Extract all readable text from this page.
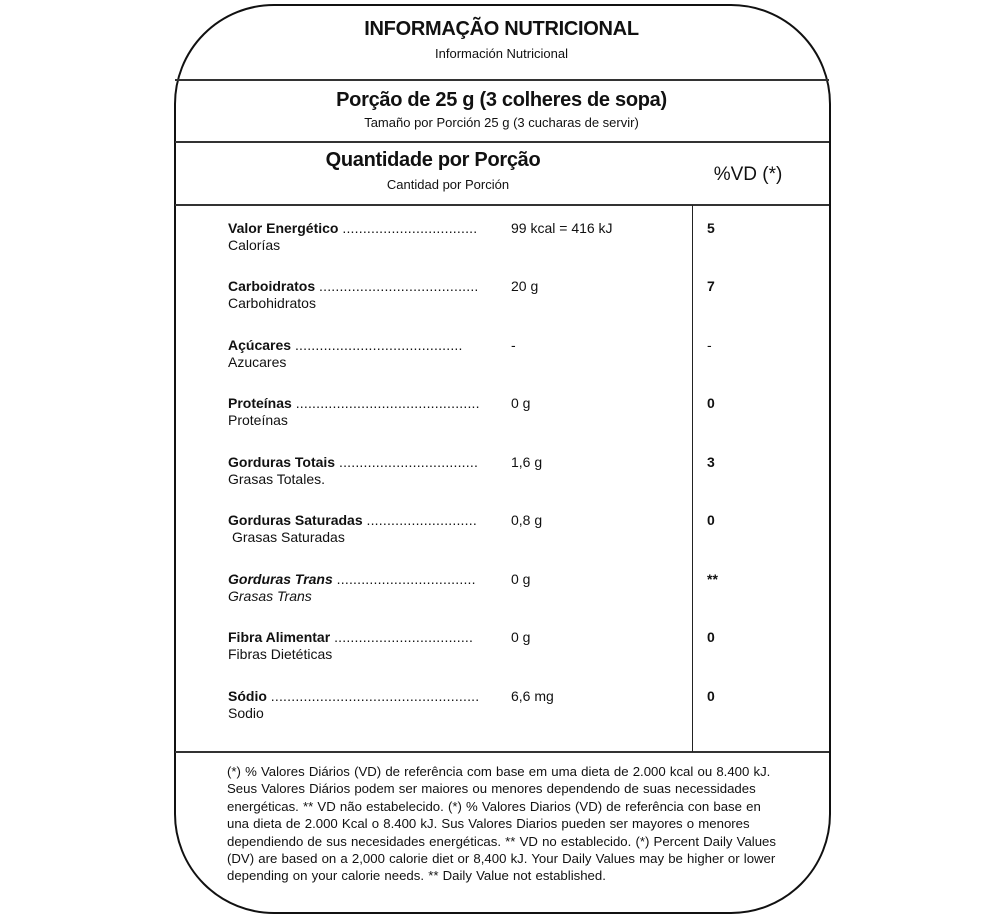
INFORMAÇÃO NUTRICIONAL
Información Nutricional
Porção de 25 g (3 colheres de sopa)
Tamaño por Porción 25 g (3 cucharas de servir)
Quantidade por Porção
Cantidad por Porción	%VD (*)
Valor Energético .................................
Calorías
99 kcal = 416 kJ	5
Carboidratos .......................................
Carbohidratos
20 g	7
Açúcares .........................................
Azucares
-	-
Proteínas .............................................
Proteínas
0 g	0
Gorduras Totais ..................................
Grasas Totales.
1,6 g	3
Gorduras Saturadas ...........................
Grasas Saturadas
0,8 g	0
Gorduras Trans ..................................
Grasas Trans
0 g	**
Fibra Alimentar ..................................
Fibras Dietéticas
0 g	0
Sódio ...................................................
Sodio
6,6 mg	0
(*) % Valores Diários (VD) de referência com base em uma dieta de 2.000 kcal ou 8.400 kJ.
Seus Valores Diários podem ser maiores ou menores dependendo de suas necessidades
energéticas. ** VD não estabelecido. (*) % Valores Diarios (VD) de referência con base en
una dieta de 2.000 Kcal o 8.400 kJ. Sus Valores Diarios pueden ser mayores o menores
dependiendo de sus necesidades energéticas. ** VD no establecido. (*) Percent Daily Values
(DV) are based on a 2,000 calorie diet or 8,400 kJ. Your Daily Values may be higher or lower
depending on your calorie needs. ** Daily Value not established.
